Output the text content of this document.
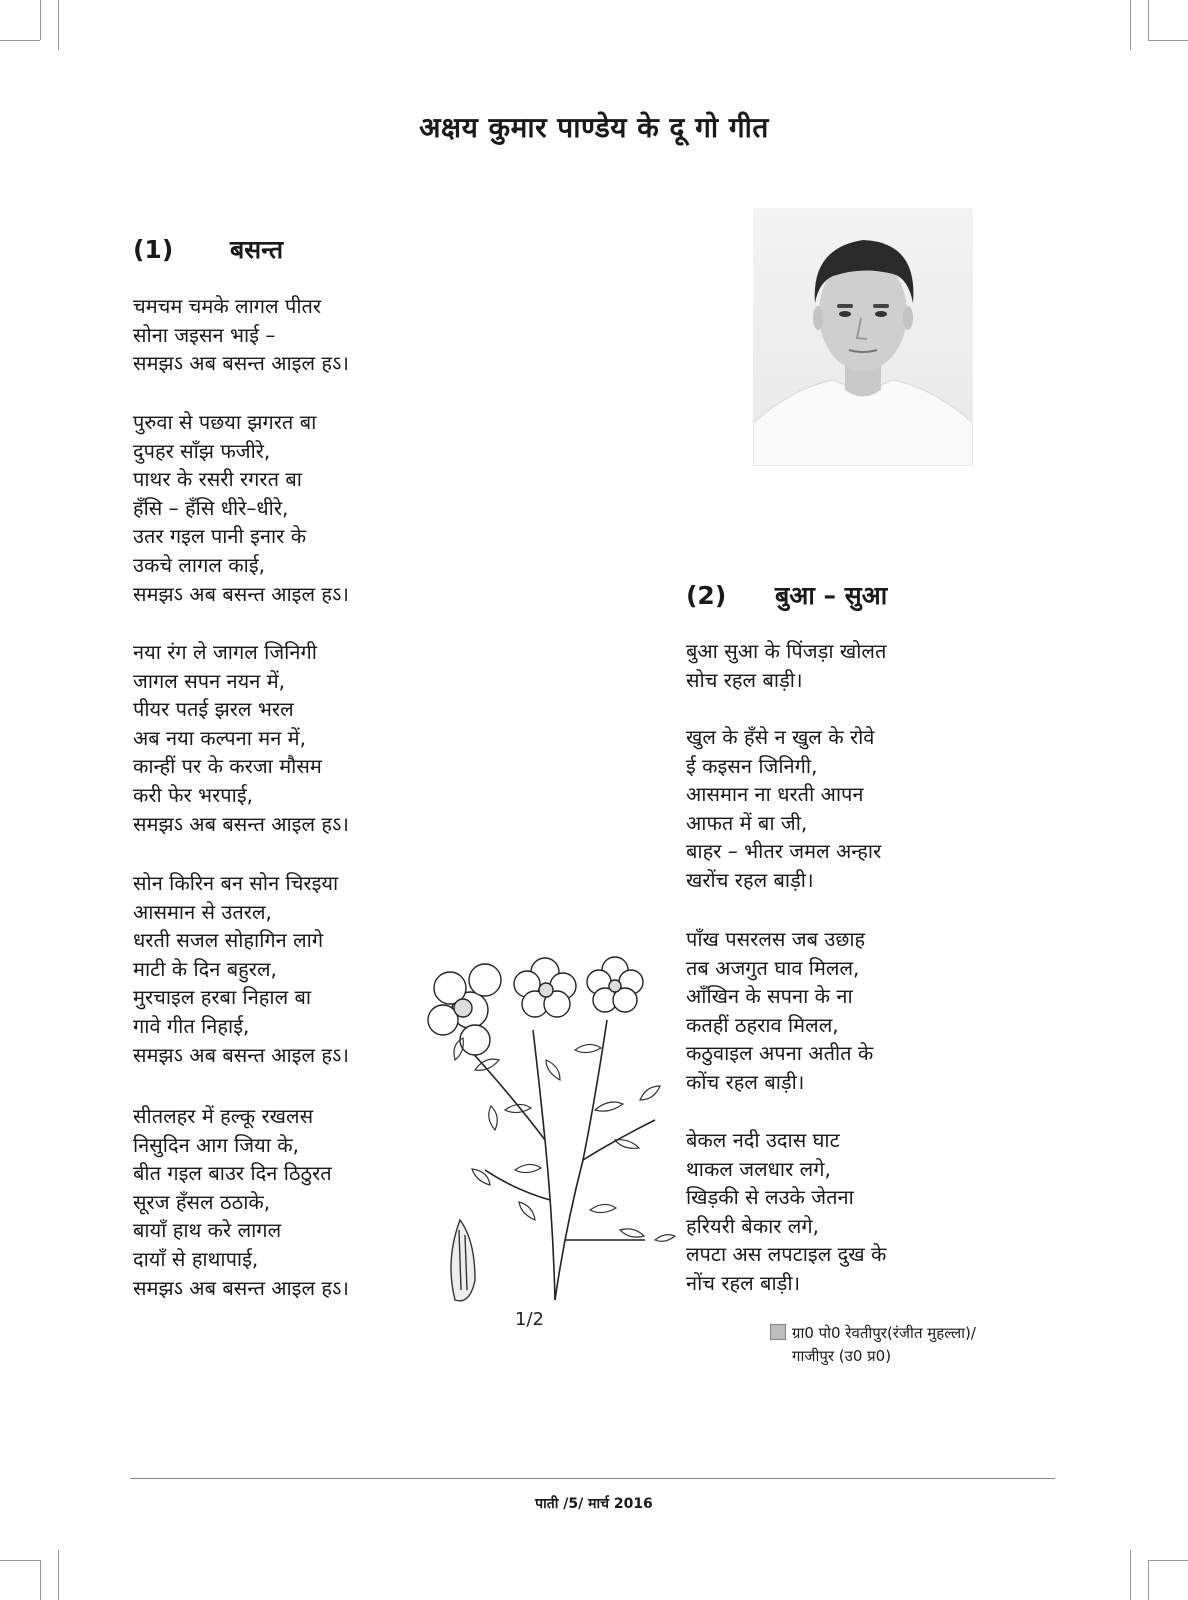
अक्षय कुमार पाण्डेय के दू गो गीत
(1) बसन्त
चमचम चमके लागल पीतर
सोना जइसन भाई –
समझऽ अब बसन्त आइल हऽ।
पुरुवा से पछया झगरत बा
दुपहर साँझ फजीरे,
पाथर के रसरी रगरत बा
हँसि – हँसि धीरे–धीरे,
उतर गइल पानी इनार के
उकचे लागल काई,
समझऽ अब बसन्त आइल हऽ।
नया रंग ले जागल जिनिगी
जागल सपन नयन में,
पीयर पतई झरल भरल
अब नया कल्पना मन में,
कान्हीं पर के करजा मौसम
करी फेर भरपाई,
समझऽ अब बसन्त आइल हऽ।
सोन किरिन बन सोन चिरइया
आसमान से उतरल,
धरती सजल सोहागिन लागे
माटी के दिन बहुरल,
मुरचाइल हरबा निहाल बा
गावे गीत निहाई,
समझऽ अब बसन्त आइल हऽ।
सीतलहर में हल्कू रखलस
निसुदिन आग जिया के,
बीत गइल बाउर दिन ठिठुरत
सूरज हँसल ठठाके,
बायाँ हाथ करे लागल
दायाँ से हाथापाई,
समझऽ अब बसन्त आइल हऽ।
(2) बुआ – सुआ
बुआ सुआ के पिंजड़ा खोलत
सोच रहल बाड़ी।
खुल के हँसे न खुल के रोवे
ई कइसन जिनिगी,
आसमान ना धरती आपन
आफत में बा जी,
बाहर – भीतर जमल अन्हार
खरोंच रहल बाड़ी।
पाँख पसरलस जब उछाह
तब अजगुत घाव मिलल,
आँखिन के सपना के ना
कतहीं ठहराव मिलल,
कठुवाइल अपना अतीत के
कोंच रहल बाड़ी।
बेकल नदी उदास घाट
थाकल जलधार लगे,
खिड़की से लउके जेतना
हरियरी बेकार लगे,
लपटा अस लपटाइल दुख के
नोंच रहल बाड़ी।
1/2
ग्रा0 पो0 रेवतीपुर(रंजीत मुहल्ला)/
गाजीपुर (उ0 प्र0)
पाती /5/ मार्च 2016
